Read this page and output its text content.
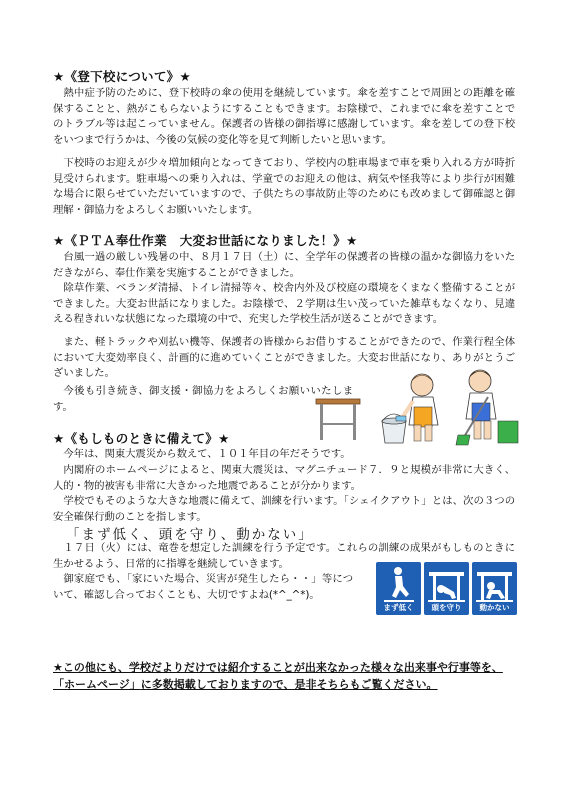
★《登下校について》★

熱中症予防のために、登下校時の傘の使用を継続しています。傘を差すことで周囲との距離を確保することと、熱がこもらないようにすることもできます。お陰様で、これまでに傘を差すことでのトラブル等は起こっていません。保護者の皆様の御指導に感謝しています。傘を差しての登下校をいつまで行うかは、今後の気候の変化等を見て判断したいと思います。

下校時のお迎えが少々増加傾向となってきており、学校内の駐車場まで車を乗り入れる方が時折見受けられます。駐車場への乗り入れは、学童でのお迎えの他は、病気や怪我等により歩行が困難な場合に限らせていただいていますので、子供たちの事故防止等のためにも改めまして御確認と御理解・御協力をよろしくお願いいたします。

★《ＰＴＡ奉仕作業　大変お世話になりました！》★

台風一過の厳しい残暑の中、８月１７日（土）に、全学年の保護者の皆様の温かな御協力をいただきながら、奉仕作業を実施することができました。

除草作業、ベランダ清掃、トイレ清掃等々、校舎内外及び校庭の環境をくまなく整備することができました。大変お世話になりました。お陰様で、２学期は生い茂っていた雑草もなくなり、見違える程きれいな状態になった環境の中で、充実した学校生活が送ることができます。

また、軽トラックや刈払い機等、保護者の皆様からお借りすることができたので、作業行程全体において大変効率良く、計画的に進めていくことができました。大変お世話になり、ありがとうございました。

今後も引き続き、御支援・御協力をよろしくお願いいたします。

★《もしものときに備えて》★

今年は、関東大震災から数えて、１０１年目の年だそうです。

内閣府のホームページによると、関東大震災は、マグニチュード７．９と規模が非常に大きく、人的・物的被害も非常に大きかった地震であることが分かります。

学校でもそのような大きな地震に備えて、訓練を行います。「シェイクアウト」とは、次の３つの安全確保行動のことを指します。

「まず低く、頭を守り、動かない」

１７日（火）には、竜巻を想定した訓練を行う予定です。これらの訓練の成果がもしものときに生かせるよう、日常的に指導を継続していきます。

御家庭でも、「家にいた場合、災害が発生したら・・」等について、確認し合っておくことも、大切ですよね(*^_^*)。

まず低く	頭を守り	動かない

★この他にも、学校だよりだけでは紹介することが出来なかった様々な出来事や行事等を、「ホームページ」に多数掲載しておりますので、是非そちらもご覧ください。
